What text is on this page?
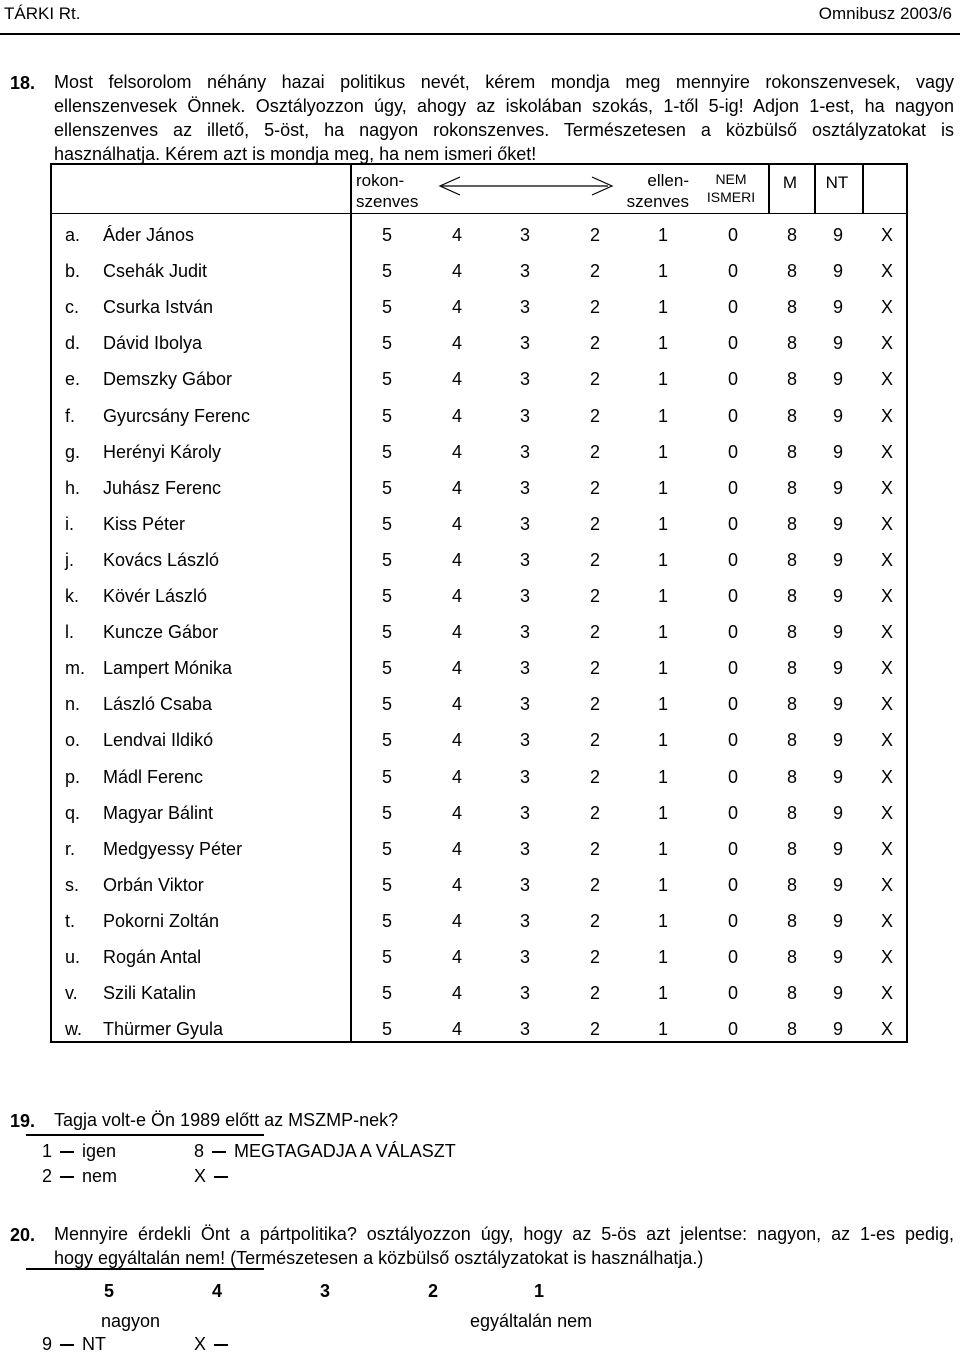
TÁRKI Rt.	Omnibusz 2003/6
18. Most felsorolom néhány hazai politikus nevét, kérem mondja meg mennyire rokonszenvesek, vagy
ellenszenvesek Önnek. Osztályozzon úgy, ahogy az iskolában szokás, 1-től 5-ig! Adjon 1-est, ha nagyon
ellenszenves az illető, 5-öst, ha nagyon rokonszenves. Természetesen a közbülső osztályzatokat is
használhatja. Kérem azt is mondja meg, ha nem ismeri őket!
rokon-
szenves
ellen-
szenves
NEM
ISMERI
M	NT
a. Áder János	5	4	3	2	1	0	8	9	X
b. Csehák Judit	5	4	3	2	1	0	8	9	X
c. Csurka István	5	4	3	2	1	0	8	9	X
d. Dávid Ibolya	5	4	3	2	1	0	8	9	X
e. Demszky Gábor	5	4	3	2	1	0	8	9	X
f. Gyurcsány Ferenc	5	4	3	2	1	0	8	9	X
g. Herényi Károly	5	4	3	2	1	0	8	9	X
h. Juhász Ferenc	5	4	3	2	1	0	8	9	X
i. Kiss Péter	5	4	3	2	1	0	8	9	X
j. Kovács László	5	4	3	2	1	0	8	9	X
k. Kövér László	5	4	3	2	1	0	8	9	X
l. Kuncze Gábor	5	4	3	2	1	0	8	9	X
m. Lampert Mónika	5	4	3	2	1	0	8	9	X
n. László Csaba	5	4	3	2	1	0	8	9	X
o. Lendvai Ildikó	5	4	3	2	1	0	8	9	X
p. Mádl Ferenc	5	4	3	2	1	0	8	9	X
q. Magyar Bálint	5	4	3	2	1	0	8	9	X
r. Medgyessy Péter	5	4	3	2	1	0	8	9	X
s. Orbán Viktor	5	4	3	2	1	0	8	9	X
t. Pokorni Zoltán	5	4	3	2	1	0	8	9	X
u. Rogán Antal	5	4	3	2	1	0	8	9	X
v. Szili Katalin	5	4	3	2	1	0	8	9	X
w. Thürmer Gyula	5	4	3	2	1	0	8	9	X
19. Tagja volt-e Ön 1989 előtt az MSZMP-nek?
1 igen
2 nem
8 MEGTAGADJA A VÁLASZT
X
20. Mennyire érdekli Önt a pártpolitika? osztályozzon úgy, hogy az 5-ös azt jelentse: nagyon, az 1-es pedig,
hogy egyáltalán nem! (Természetesen a közbülső osztályzatokat is használhatja.)
5	4	3	2	1
nagyon	egyáltalán nem
9 NT	X
